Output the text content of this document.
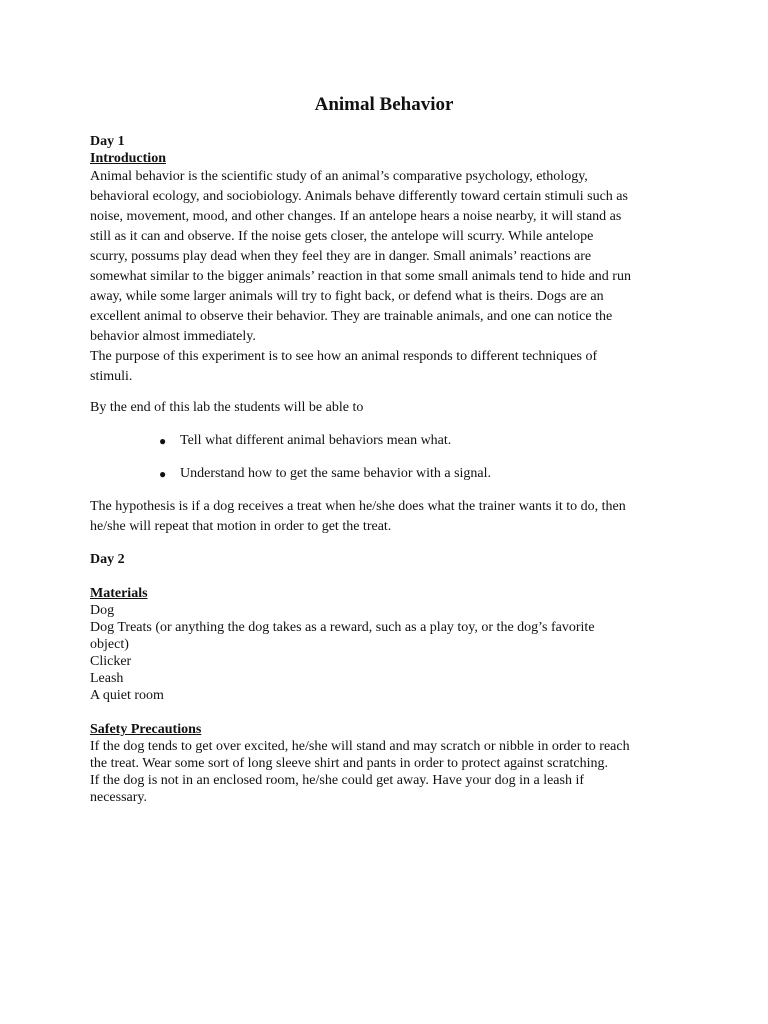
Animal Behavior

Day 1

Introduction

Animal behavior is the scientific study of an animal’s comparative psychology, ethology,
behavioral ecology, and sociobiology. Animals behave differently toward certain stimuli such as
noise, movement, mood, and other changes. If an antelope hears a noise nearby, it will stand as
still as it can and observe. If the noise gets closer, the antelope will scurry. While antelope
scurry, possums play dead when they feel they are in danger. Small animals’ reactions are
somewhat similar to the bigger animals’ reaction in that some small animals tend to hide and run
away, while some larger animals will try to fight back, or defend what is theirs. Dogs are an
excellent animal to observe their behavior. They are trainable animals, and one can notice the
behavior almost immediately.
The purpose of this experiment is to see how an animal responds to different techniques of
stimuli.
By the end of this lab the students will be able to
● Tell what different animal behaviors mean what.
● Understand how to get the same behavior with a signal.
The hypothesis is if a dog receives a treat when he/she does what the trainer wants it to do, then
he/she will repeat that motion in order to get the treat.

Day 2

Materials

Dog
Dog Treats (or anything the dog takes as a reward, such as a play toy, or the dog’s favorite
object)
Clicker
Leash
A quiet room

Safety Precautions

If the dog tends to get over excited, he/she will stand and may scratch or nibble in order to reach
the treat. Wear some sort of long sleeve shirt and pants in order to protect against scratching.
If the dog is not in an enclosed room, he/she could get away. Have your dog in a leash if
necessary.
